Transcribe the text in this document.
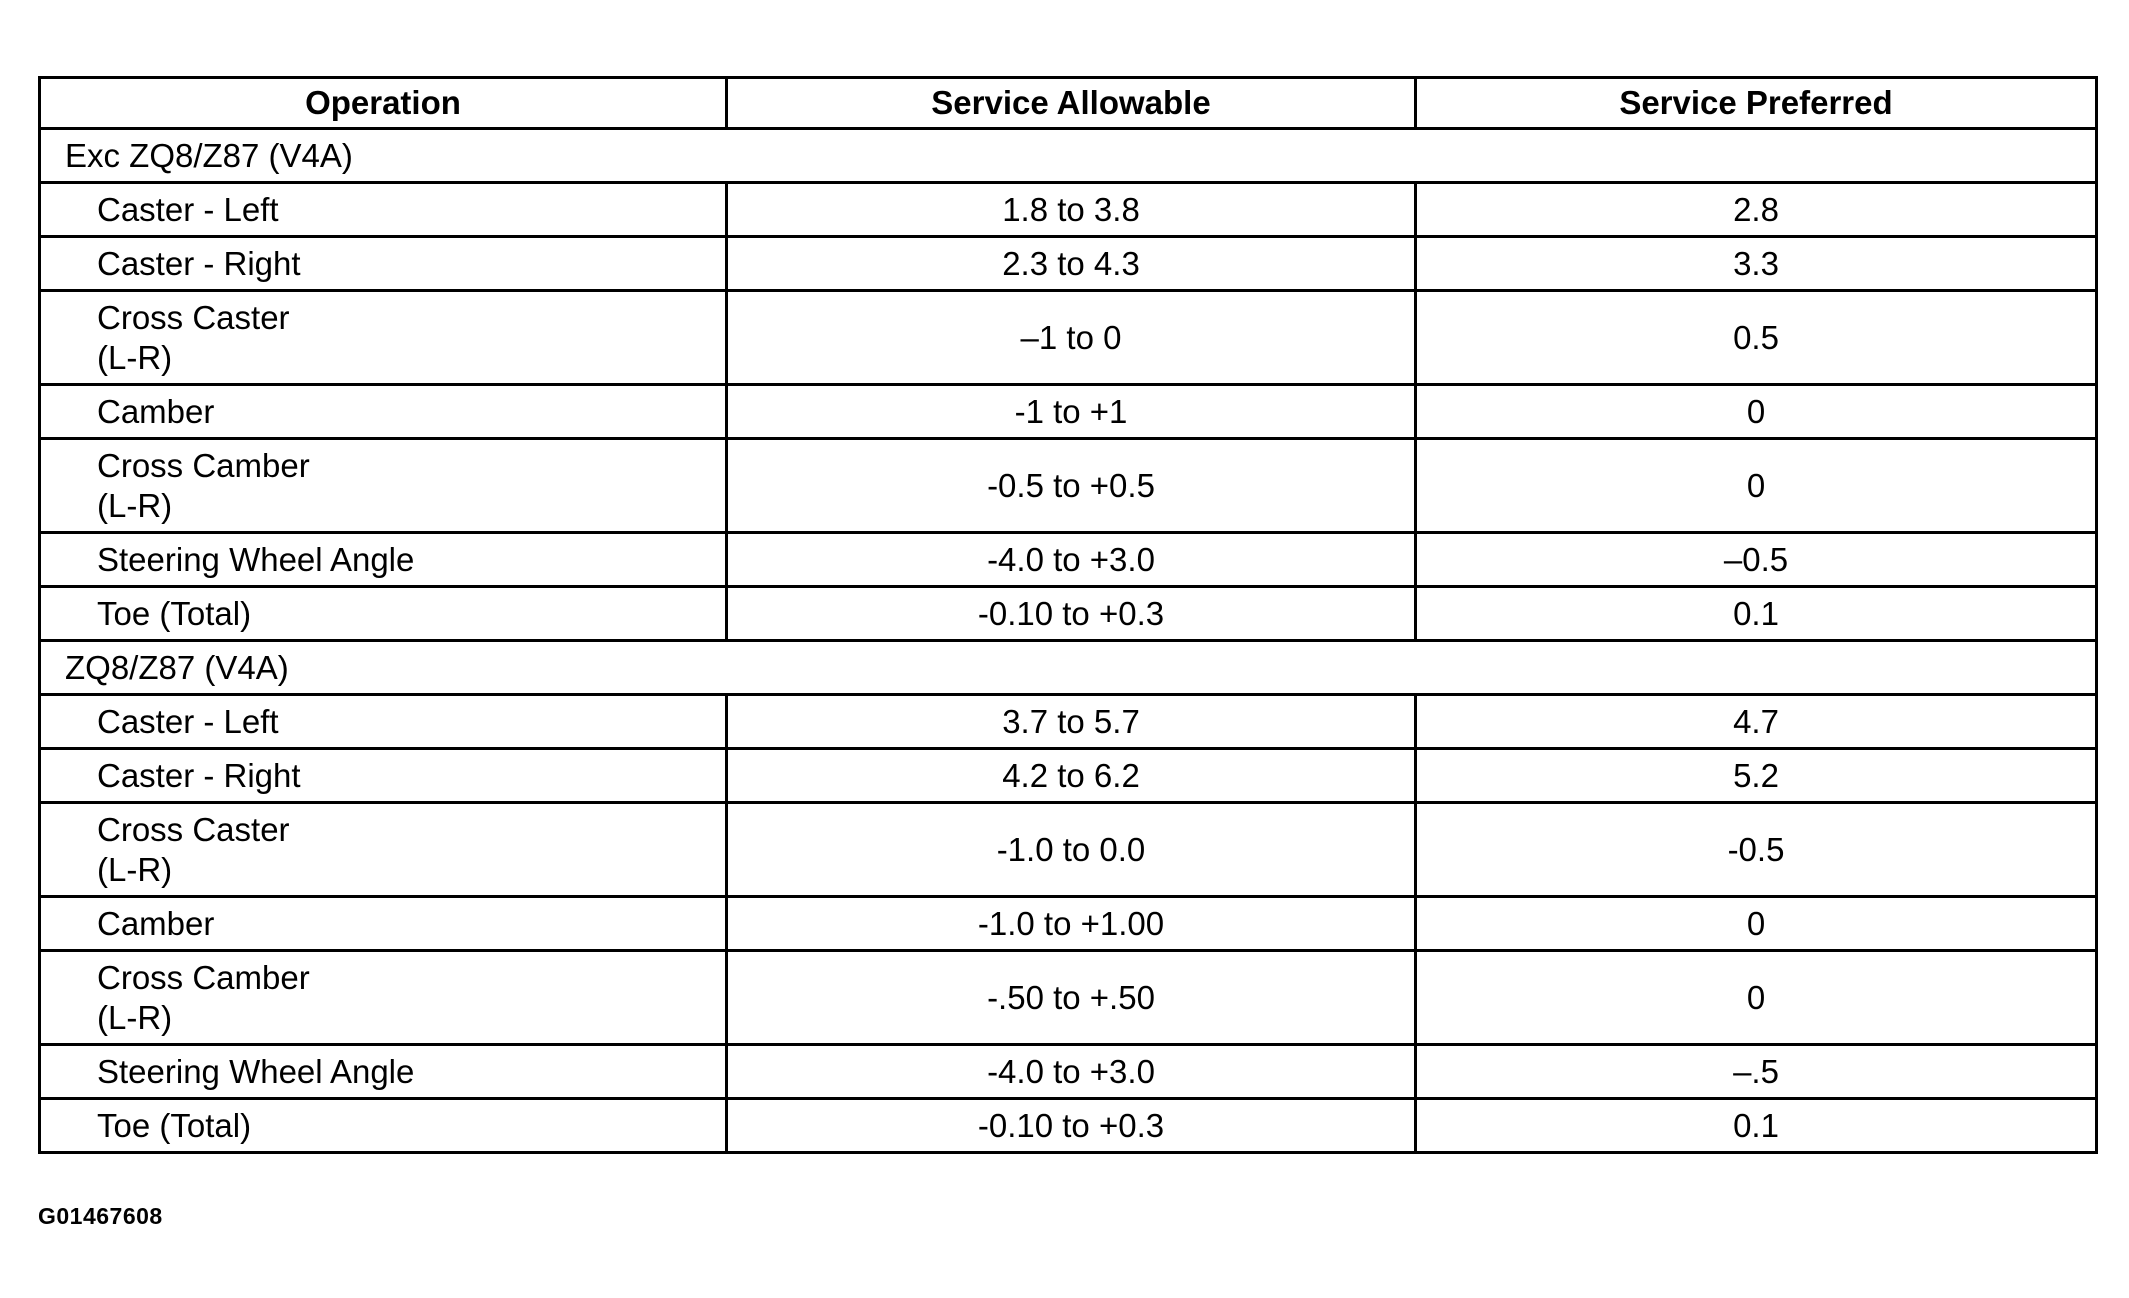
Operation	Service Allowable	Service Preferred
Exc ZQ8/Z87 (V4A)		
Caster - Left	1.8 to 3.8	2.8
Caster - Right	2.3 to 4.3	3.3
Cross Caster
(L-R)	–1 to 0	0.5
Camber	-1 to +1	0
Cross Camber
(L-R)	-0.5 to +0.5	0
Steering Wheel Angle	-4.0 to +3.0	–0.5
Toe (Total)	-0.10 to +0.3	0.1
ZQ8/Z87 (V4A)		
Caster - Left	3.7 to 5.7	4.7
Caster - Right	4.2 to 6.2	5.2
Cross Caster
(L-R)	-1.0 to 0.0	-0.5
Camber	-1.0 to +1.00	0
Cross Camber
(L-R)	-.50 to +.50	0
Steering Wheel Angle	-4.0 to +3.0	–.5
Toe (Total)	-0.10 to +0.3	0.1
G01467608
